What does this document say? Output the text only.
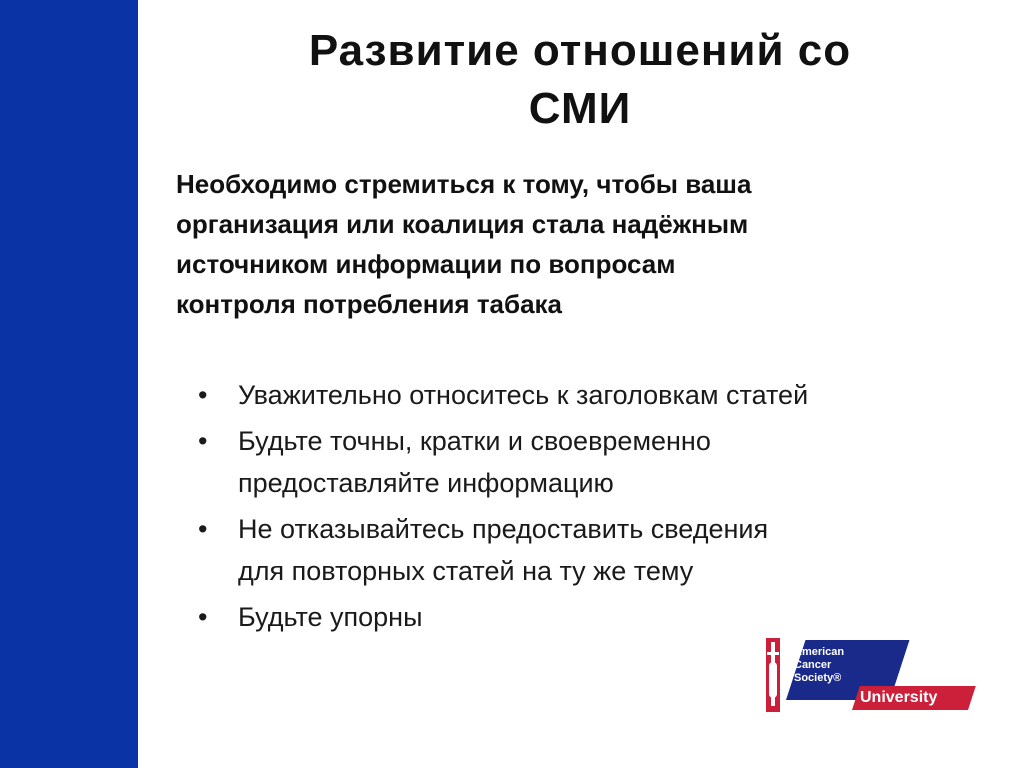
Развитие отношений со
СМИ
Необходимо стремиться к тому, чтобы ваша
организация или коалиция стала надёжным
источником информации по вопросам
контроля потребления табака
• Уважительно относитесь к заголовкам статей
• Будьте точны, кратки и своевременно
предоставляйте информацию
• Не отказывайтесь предоставить сведения
для повторных статей на ту же тему
• Будьте упорны
American
Cancer
Society®
University
